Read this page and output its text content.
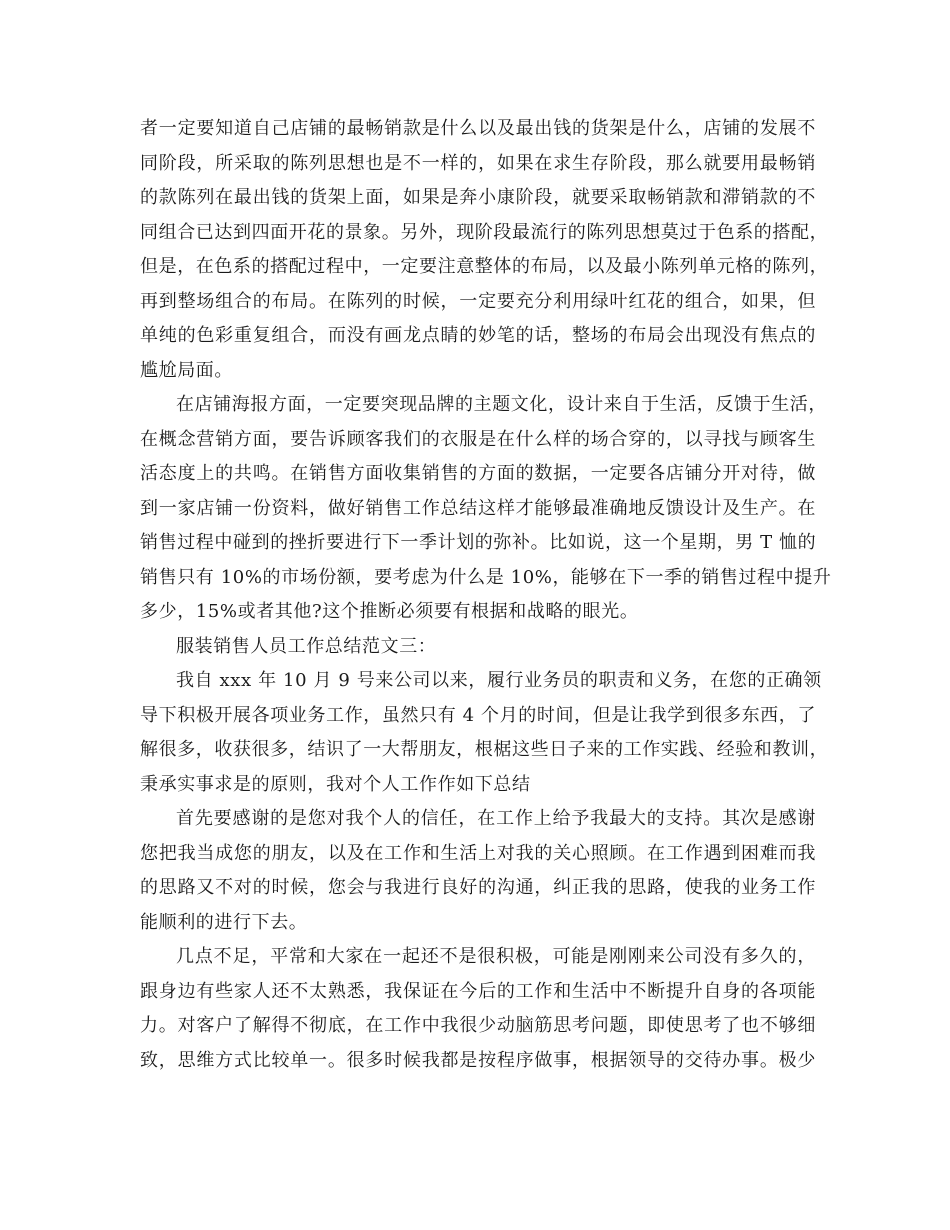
者一定要知道自己店铺的最畅销款是什么以及最出钱的货架是什么，店铺的发展不
同阶段，所采取的陈列思想也是不一样的，如果在求生存阶段，那么就要用最畅销
的款陈列在最出钱的货架上面，如果是奔小康阶段，就要采取畅销款和滞销款的不
同组合已达到四面开花的景象。另外，现阶段最流行的陈列思想莫过于色系的搭配，
但是，在色系的搭配过程中，一定要注意整体的布局，以及最小陈列单元格的陈列，
再到整场组合的布局。在陈列的时候，一定要充分利用绿叶红花的组合，如果，但
单纯的色彩重复组合，而没有画龙点睛的妙笔的话，整场的布局会出现没有焦点的
尴尬局面。
在店铺海报方面，一定要突现品牌的主题文化，设计来自于生活，反馈于生活，
在概念营销方面，要告诉顾客我们的衣服是在什么样的场合穿的，以寻找与顾客生
活态度上的共鸣。在销售方面收集销售的方面的数据，一定要各店铺分开对待，做
到一家店铺一份资料，做好销售工作总结这样才能够最准确地反馈设计及生产。在
销售过程中碰到的挫折要进行下一季计划的弥补。比如说，这一个星期，男 T 恤的
销售只有 10%的市场份额，要考虑为什么是 10%，能够在下一季的销售过程中提升
多少，15%或者其他?这个推断必须要有根据和战略的眼光。
服装销售人员工作总结范文三：
我自 xxx 年 10 月 9 号来公司以来，履行业务员的职责和义务，在您的正确领
导下积极开展各项业务工作，虽然只有 4 个月的时间，但是让我学到很多东西，了
解很多，收获很多，结识了一大帮朋友，根椐这些日子来的工作实践、经验和教训，
秉承实事求是的原则，我对个人工作作如下总结
首先要感谢的是您对我个人的信任，在工作上给予我最大的支持。其次是感谢
您把我当成您的朋友，以及在工作和生活上对我的关心照顾。在工作遇到困难而我
的思路又不对的时候，您会与我进行良好的沟通，纠正我的思路，使我的业务工作
能顺利的进行下去。
几点不足，平常和大家在一起还不是很积极，可能是刚刚来公司没有多久的，
跟身边有些家人还不太熟悉，我保证在今后的工作和生活中不断提升自身的各项能
力。对客户了解得不彻底，在工作中我很少动脑筋思考问题，即使思考了也不够细
致，思维方式比较单一。很多时候我都是按程序做事，根据领导的交待办事。极少
